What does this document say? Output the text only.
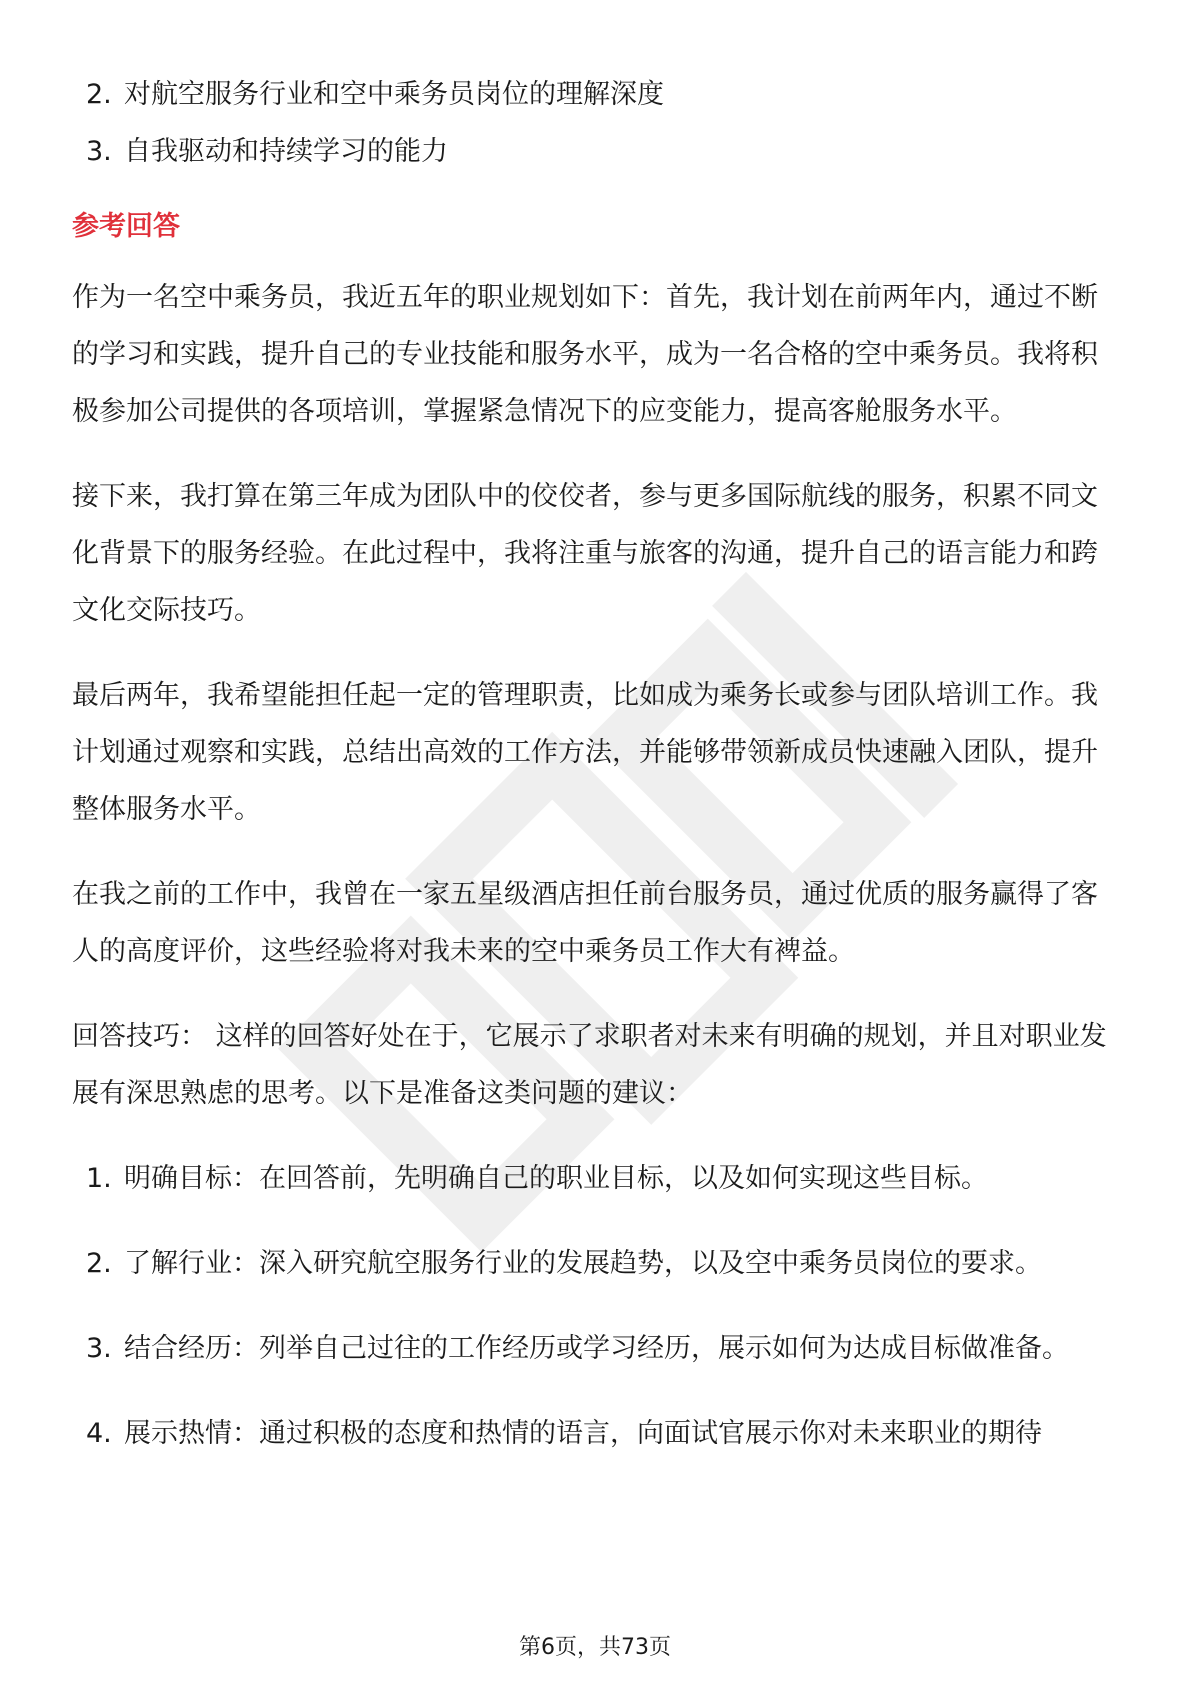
2. 对航空服务行业和空中乘务员岗位的理解深度
3. 自我驱动和持续学习的能力
参考回答

作为一名空中乘务员，我近五年的职业规划如下：首先，我计划在前两年内，通过不断的学习和实践，提升自己的专业技能和服务水平，成为一名合格的空中乘务员。我将积极参加公司提供的各项培训，掌握紧急情况下的应变能力，提高客舱服务水平。

接下来，我打算在第三年成为团队中的佼佼者，参与更多国际航线的服务，积累不同文化背景下的服务经验。在此过程中，我将注重与旅客的沟通，提升自己的语言能力和跨文化交际技巧。

最后两年，我希望能担任起一定的管理职责，比如成为乘务长或参与团队培训工作。我计划通过观察和实践，总结出高效的工作方法，并能够带领新成员快速融入团队，提升整体服务水平。

在我之前的工作中，我曾在一家五星级酒店担任前台服务员，通过优质的服务赢得了客人的高度评价，这些经验将对我未来的空中乘务员工作大有裨益。

回答技巧： 这样的回答好处在于，它展示了求职者对未来有明确的规划，并且对职业发展有深思熟虑的思考。以下是准备这类问题的建议：

1. 明确目标：在回答前，先明确自己的职业目标，以及如何实现这些目标。
2. 了解行业：深入研究航空服务行业的发展趋势，以及空中乘务员岗位的要求。
3. 结合经历：列举自己过往的工作经历或学习经历，展示如何为达成目标做准备。
4. 展示热情：通过积极的态度和热情的语言，向面试官展示你对未来职业的期待
第6页，共73页
